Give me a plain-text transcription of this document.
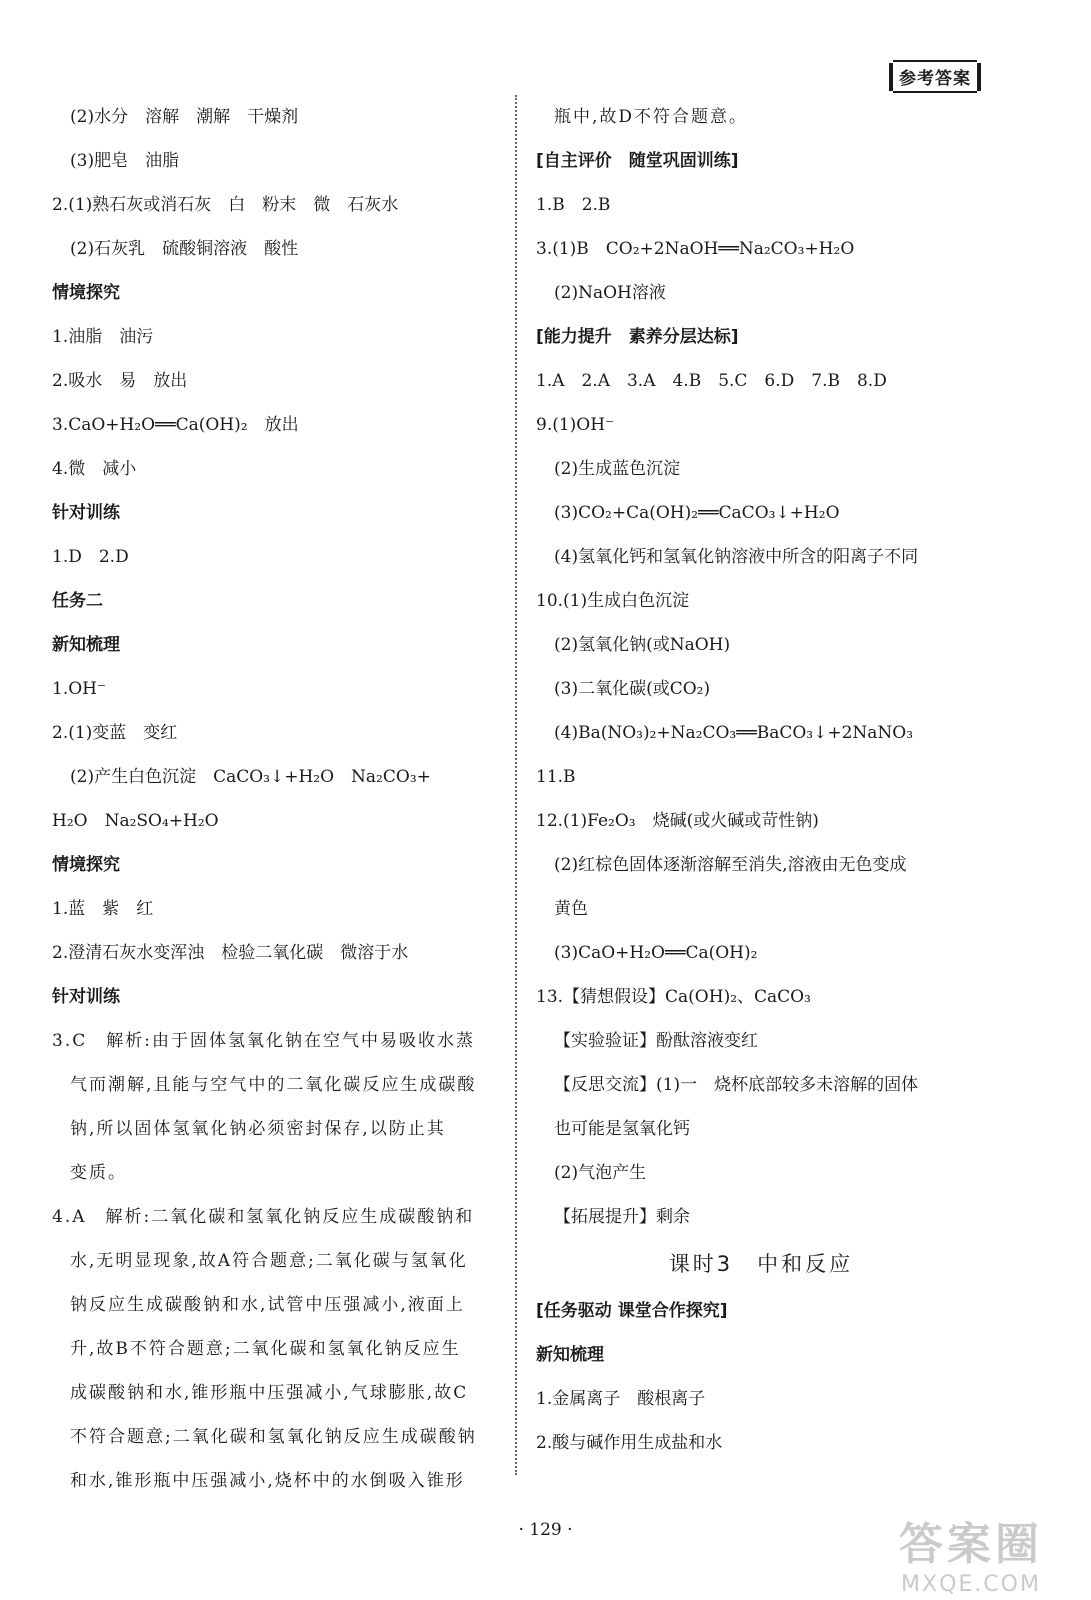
参考答案
(2)水分　溶解　潮解　干燥剂
(3)肥皂　油脂
2.(1)熟石灰或消石灰　白　粉末　微　石灰水
(2)石灰乳　硫酸铜溶液　酸性
情境探究
1.油脂　油污
2.吸水　易　放出
3.CaO+H₂O══Ca(OH)₂　放出
4.微　减小
针对训练
1.D　2.D
任务二
新知梳理
1.OH⁻
2.(1)变蓝　变红
(2)产生白色沉淀　CaCO₃↓+H₂O　Na₂CO₃+
H₂O　Na₂SO₄+H₂O
情境探究
1.蓝　紫　红
2.澄清石灰水变浑浊　检验二氧化碳　微溶于水
针对训练
3.C　解析:由于固体氢氧化钠在空气中易吸收水蒸
气而潮解,且能与空气中的二氧化碳反应生成碳酸
钠,所以固体氢氧化钠必须密封保存,以防止其
变质。
4.A　解析:二氧化碳和氢氧化钠反应生成碳酸钠和
水,无明显现象,故A符合题意;二氧化碳与氢氧化
钠反应生成碳酸钠和水,试管中压强减小,液面上
升,故B不符合题意;二氧化碳和氢氧化钠反应生
成碳酸钠和水,锥形瓶中压强减小,气球膨胀,故C
不符合题意;二氧化碳和氢氧化钠反应生成碳酸钠
和水,锥形瓶中压强减小,烧杯中的水倒吸入锥形
瓶中,故D不符合题意。
[自主评价　随堂巩固训练]
1.B　2.B
3.(1)B　CO₂+2NaOH══Na₂CO₃+H₂O
(2)NaOH溶液
[能力提升　素养分层达标]
1.A　2.A　3.A　4.B　5.C　6.D　7.B　8.D
9.(1)OH⁻
(2)生成蓝色沉淀
(3)CO₂+Ca(OH)₂══CaCO₃↓+H₂O
(4)氢氧化钙和氢氧化钠溶液中所含的阳离子不同
10.(1)生成白色沉淀
(2)氢氧化钠(或NaOH)
(3)二氧化碳(或CO₂)
(4)Ba(NO₃)₂+Na₂CO₃══BaCO₃↓+2NaNO₃
11.B
12.(1)Fe₂O₃　烧碱(或火碱或苛性钠)
(2)红棕色固体逐渐溶解至消失,溶液由无色变成
黄色
(3)CaO+H₂O══Ca(OH)₂
13.【猜想假设】Ca(OH)₂、CaCO₃
【实验验证】酚酞溶液变红
【反思交流】(1)一　烧杯底部较多未溶解的固体
也可能是氢氧化钙
(2)气泡产生
【拓展提升】剩余
课时3　中和反应
[任务驱动 课堂合作探究]
新知梳理
1.金属离子　酸根离子
2.酸与碱作用生成盐和水
· 129 ·	答案圈
MXQE.COM
